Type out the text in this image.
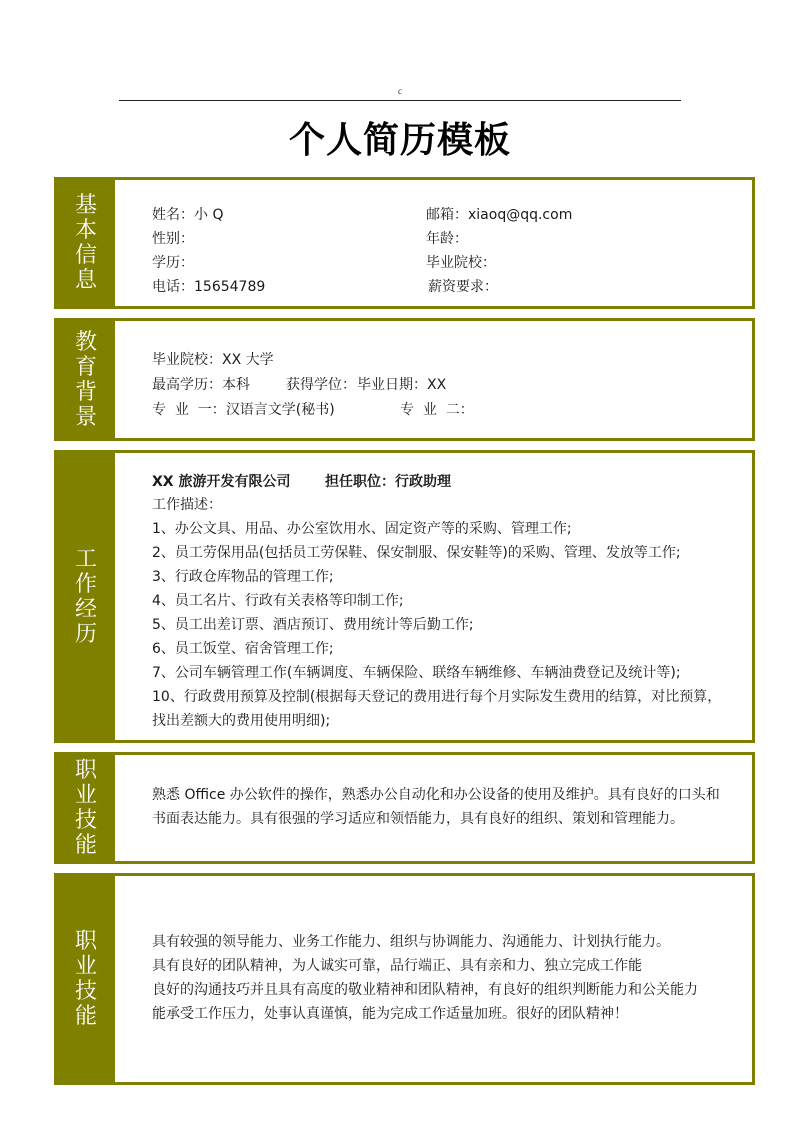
c
个人简历模板
基本信息
姓名：小 Q	邮箱：xiaoq@qq.com
性别：	年龄：
学历：	毕业院校：
电话：15654789	薪资要求：
教育背景
毕业院校：XX 大学
最高学历：本科	获得学位： 毕业日期：XX
专  业  一：汉语言文学(秘书)	专  业  二：
工作经历
XX 旅游开发有限公司 担任职位：行政助理
工作描述：
1、办公文具、用品、办公室饮用水、固定资产等的采购、管理工作;
2、员工劳保用品(包括员工劳保鞋、保安制服、保安鞋等)的采购、管理、发放等工作;
3、行政仓库物品的管理工作;
4、员工名片、行政有关表格等印制工作;
5、员工出差订票、酒店预订、费用统计等后勤工作;
6、员工饭堂、宿舍管理工作;
7、公司车辆管理工作(车辆调度、车辆保险、联络车辆维修、车辆油费登记及统计等);
10、行政费用预算及控制(根据每天登记的费用进行每个月实际发生费用的结算，对比预算，
找出差额大的费用使用明细);
职业技能
熟悉 Office 办公软件的操作，熟悉办公自动化和办公设备的使用及维护。具有良好的口头和
书面表达能力。具有很强的学习适应和领悟能力，具有良好的组织、策划和管理能力。
职业技能
具有较强的领导能力、业务工作能力、组织与协调能力、沟通能力、计划执行能力。
具有良好的团队精神，为人诚实可靠，品行端正、具有亲和力、独立完成工作能
良好的沟通技巧并且具有高度的敬业精神和团队精神，有良好的组织判断能力和公关能力
能承受工作压力，处事认真谨慎，能为完成工作适量加班。很好的团队精神！
